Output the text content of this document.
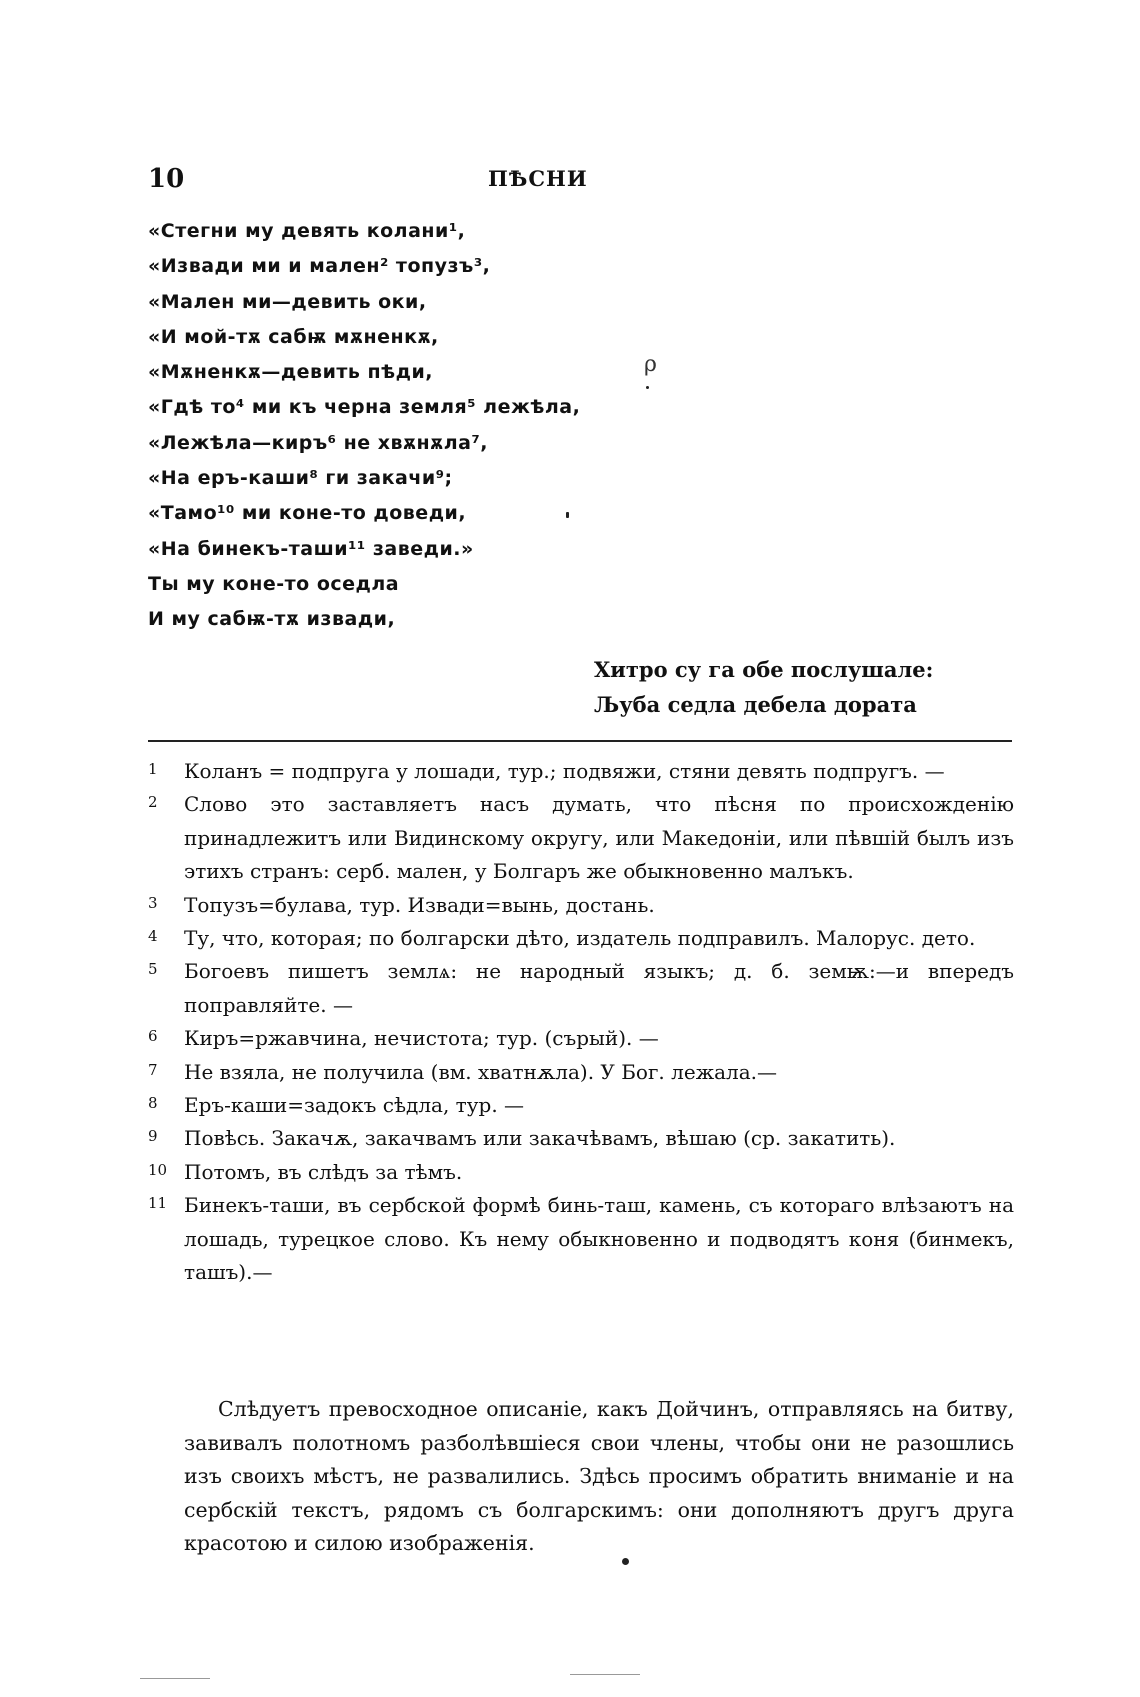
10	ПѢСНИ
«Стегни му девять колани¹,
«Извади ми и мален² топузъ³,
«Мален ми—девить оки,
«И мой-тѫ сабѭ мѫненкѫ,
«Мѫненкѫ—девить пѣди,
«Гдѣ то⁴ ми къ черна земля⁵ лежѣла,
«Лежѣла—киръ⁶ не хвѫнѫла⁷,
«На еръ-каши⁸ ги закачи⁹;
«Тамо¹⁰ ми коне-то доведи,
«На бинекъ-таши¹¹ заведи.»
Ты му коне-то оседла
И му сабѭ-тѫ извади,
Хитро су га обе послушале:
Љуба седла дебела дората

1 Коланъ = подпруга у лошади, тур.; подвяжи, стяни девять подпругъ. —

2 Слово это заставляетъ насъ думать, что пѣсня по происхожденію принадлежитъ или Видинскому округу, или Македоніи, или пѣвшій былъ изъ этихъ странъ: серб. мален, у Болгаръ же обыкновенно малъкъ.

3 Топузъ=булава, тур. Извади=вынь, достань.

4 Ту, что, которая; по болгарски дѣто, издатель подправилъ. Малорус. дето.

5 Богоевъ пишетъ землѧ: не народный языкъ; д. б. земѭ:—и впередъ поправляйте. —

6 Киръ=ржавчина, нечистота; тур. (сърый). —

7 Не взяла, не получила (вм. хватнѫла). У Бог. лежала.—

8 Еръ-каши=задокъ сѣдла, тур. —

9 Повѣсь. Закачѫ, закачвамъ или закачѣвамъ, вѣшаю (ср. закатить).

10 Потомъ, въ слѣдъ за тѣмъ.

11 Бинекъ-таши, въ сербской формѣ бинь-таш, камень, съ котораго влѣзаютъ на лошадь, турецкое слово. Къ нему обыкновенно и подводятъ коня (бинмекъ, ташъ).—

Слѣдуетъ превосходное описаніе, какъ Дойчинъ, отправляясь на битву, завивалъ полотномъ разболѣвшіеся свои члены, чтобы они не разошлись изъ своихъ мѣстъ, не развалились. Здѣсь просимъ обратить вниманіе и на сербскій текстъ, рядомъ съ болгарскимъ: они дополняютъ другъ друга красотою и силою изображенія.

ρ
